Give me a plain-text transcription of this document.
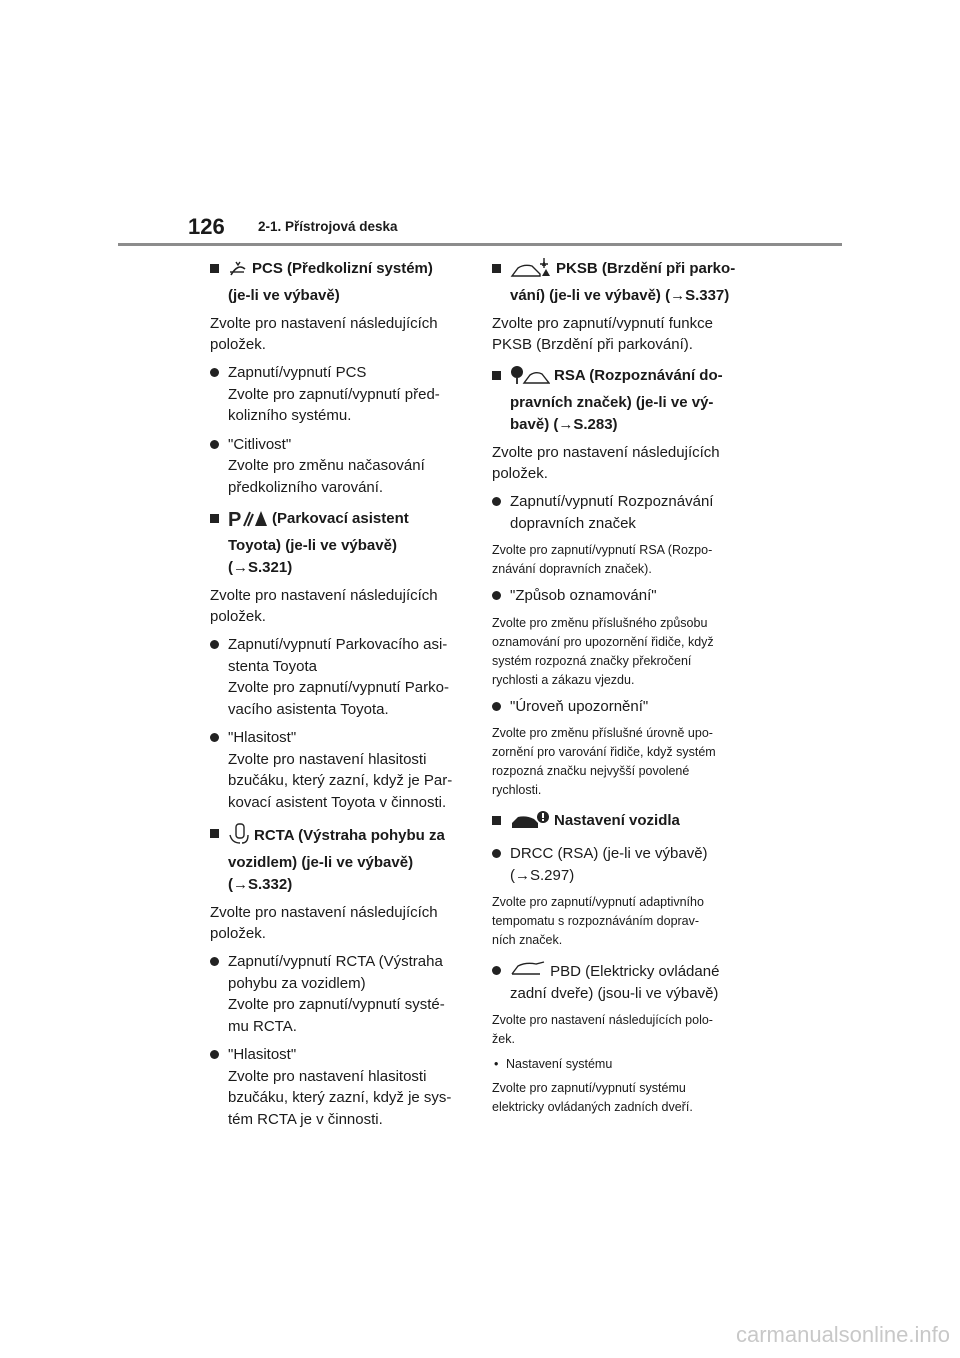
126 2-1. Přístrojová deska
PCS (Předkolizní systém)
(je-li ve výbavě)
Zvolte pro nastavení následujících
položek.
Zapnutí/vypnutí PCS
Zvolte pro zapnutí/vypnutí před-
kolizního systému.
"Citlivost"
Zvolte pro změnu načasování
předkolizního varování.
P (Parkovací asistent
Toyota) (je-li ve výbavě)
(→S.321)
Zvolte pro nastavení následujících
položek.
Zapnutí/vypnutí Parkovacího asi-
stenta Toyota
Zvolte pro zapnutí/vypnutí Parko-
vacího asistenta Toyota.
"Hlasitost"
Zvolte pro nastavení hlasitosti
bzučáku, který zazní, když je Par-
kovací asistent Toyota v činnosti.
RCTA (Výstraha pohybu za
vozidlem) (je-li ve výbavě)
(→S.332)
Zvolte pro nastavení následujících
položek.
Zapnutí/vypnutí RCTA (Výstraha
pohybu za vozidlem)
Zvolte pro zapnutí/vypnutí systé-
mu RCTA.
"Hlasitost"
Zvolte pro nastavení hlasitosti
bzučáku, který zazní, když je sys-
tém RCTA je v činnosti.
PKSB (Brzdění při parko-
vání) (je-li ve výbavě) (→S.337)
Zvolte pro zapnutí/vypnutí funkce
PKSB (Brzdění při parkování).
RSA (Rozpoznávání do-
pravních značek) (je-li ve vý-
bavě) (→S.283)
Zvolte pro nastavení následujících
položek.
Zapnutí/vypnutí Rozpoznávání
dopravních značek
Zvolte pro zapnutí/vypnutí RSA (Rozpo-
znávání dopravních značek).
"Způsob oznamování"
Zvolte pro změnu příslušného způsobu
oznamování pro upozornění řidiče, když
systém rozpozná značky překročení
rychlosti a zákazu vjezdu.
"Úroveň upozornění"
Zvolte pro změnu příslušné úrovně upo-
zornění pro varování řidiče, když systém
rozpozná značku nejvyšší povolené
rychlosti.
Nastavení vozidla
DRCC (RSA) (je-li ve výbavě)
(→S.297)
Zvolte pro zapnutí/vypnutí adaptivního
tempomatu s rozpoznáváním doprav-
ních značek.
PBD (Elektricky ovládané
zadní dveře) (jsou-li ve výbavě)
Zvolte pro nastavení následujících polo-
žek.
• Nastavení systému
Zvolte pro zapnutí/vypnutí systému
elektricky ovládaných zadních dveří.
carmanualsonline.info
